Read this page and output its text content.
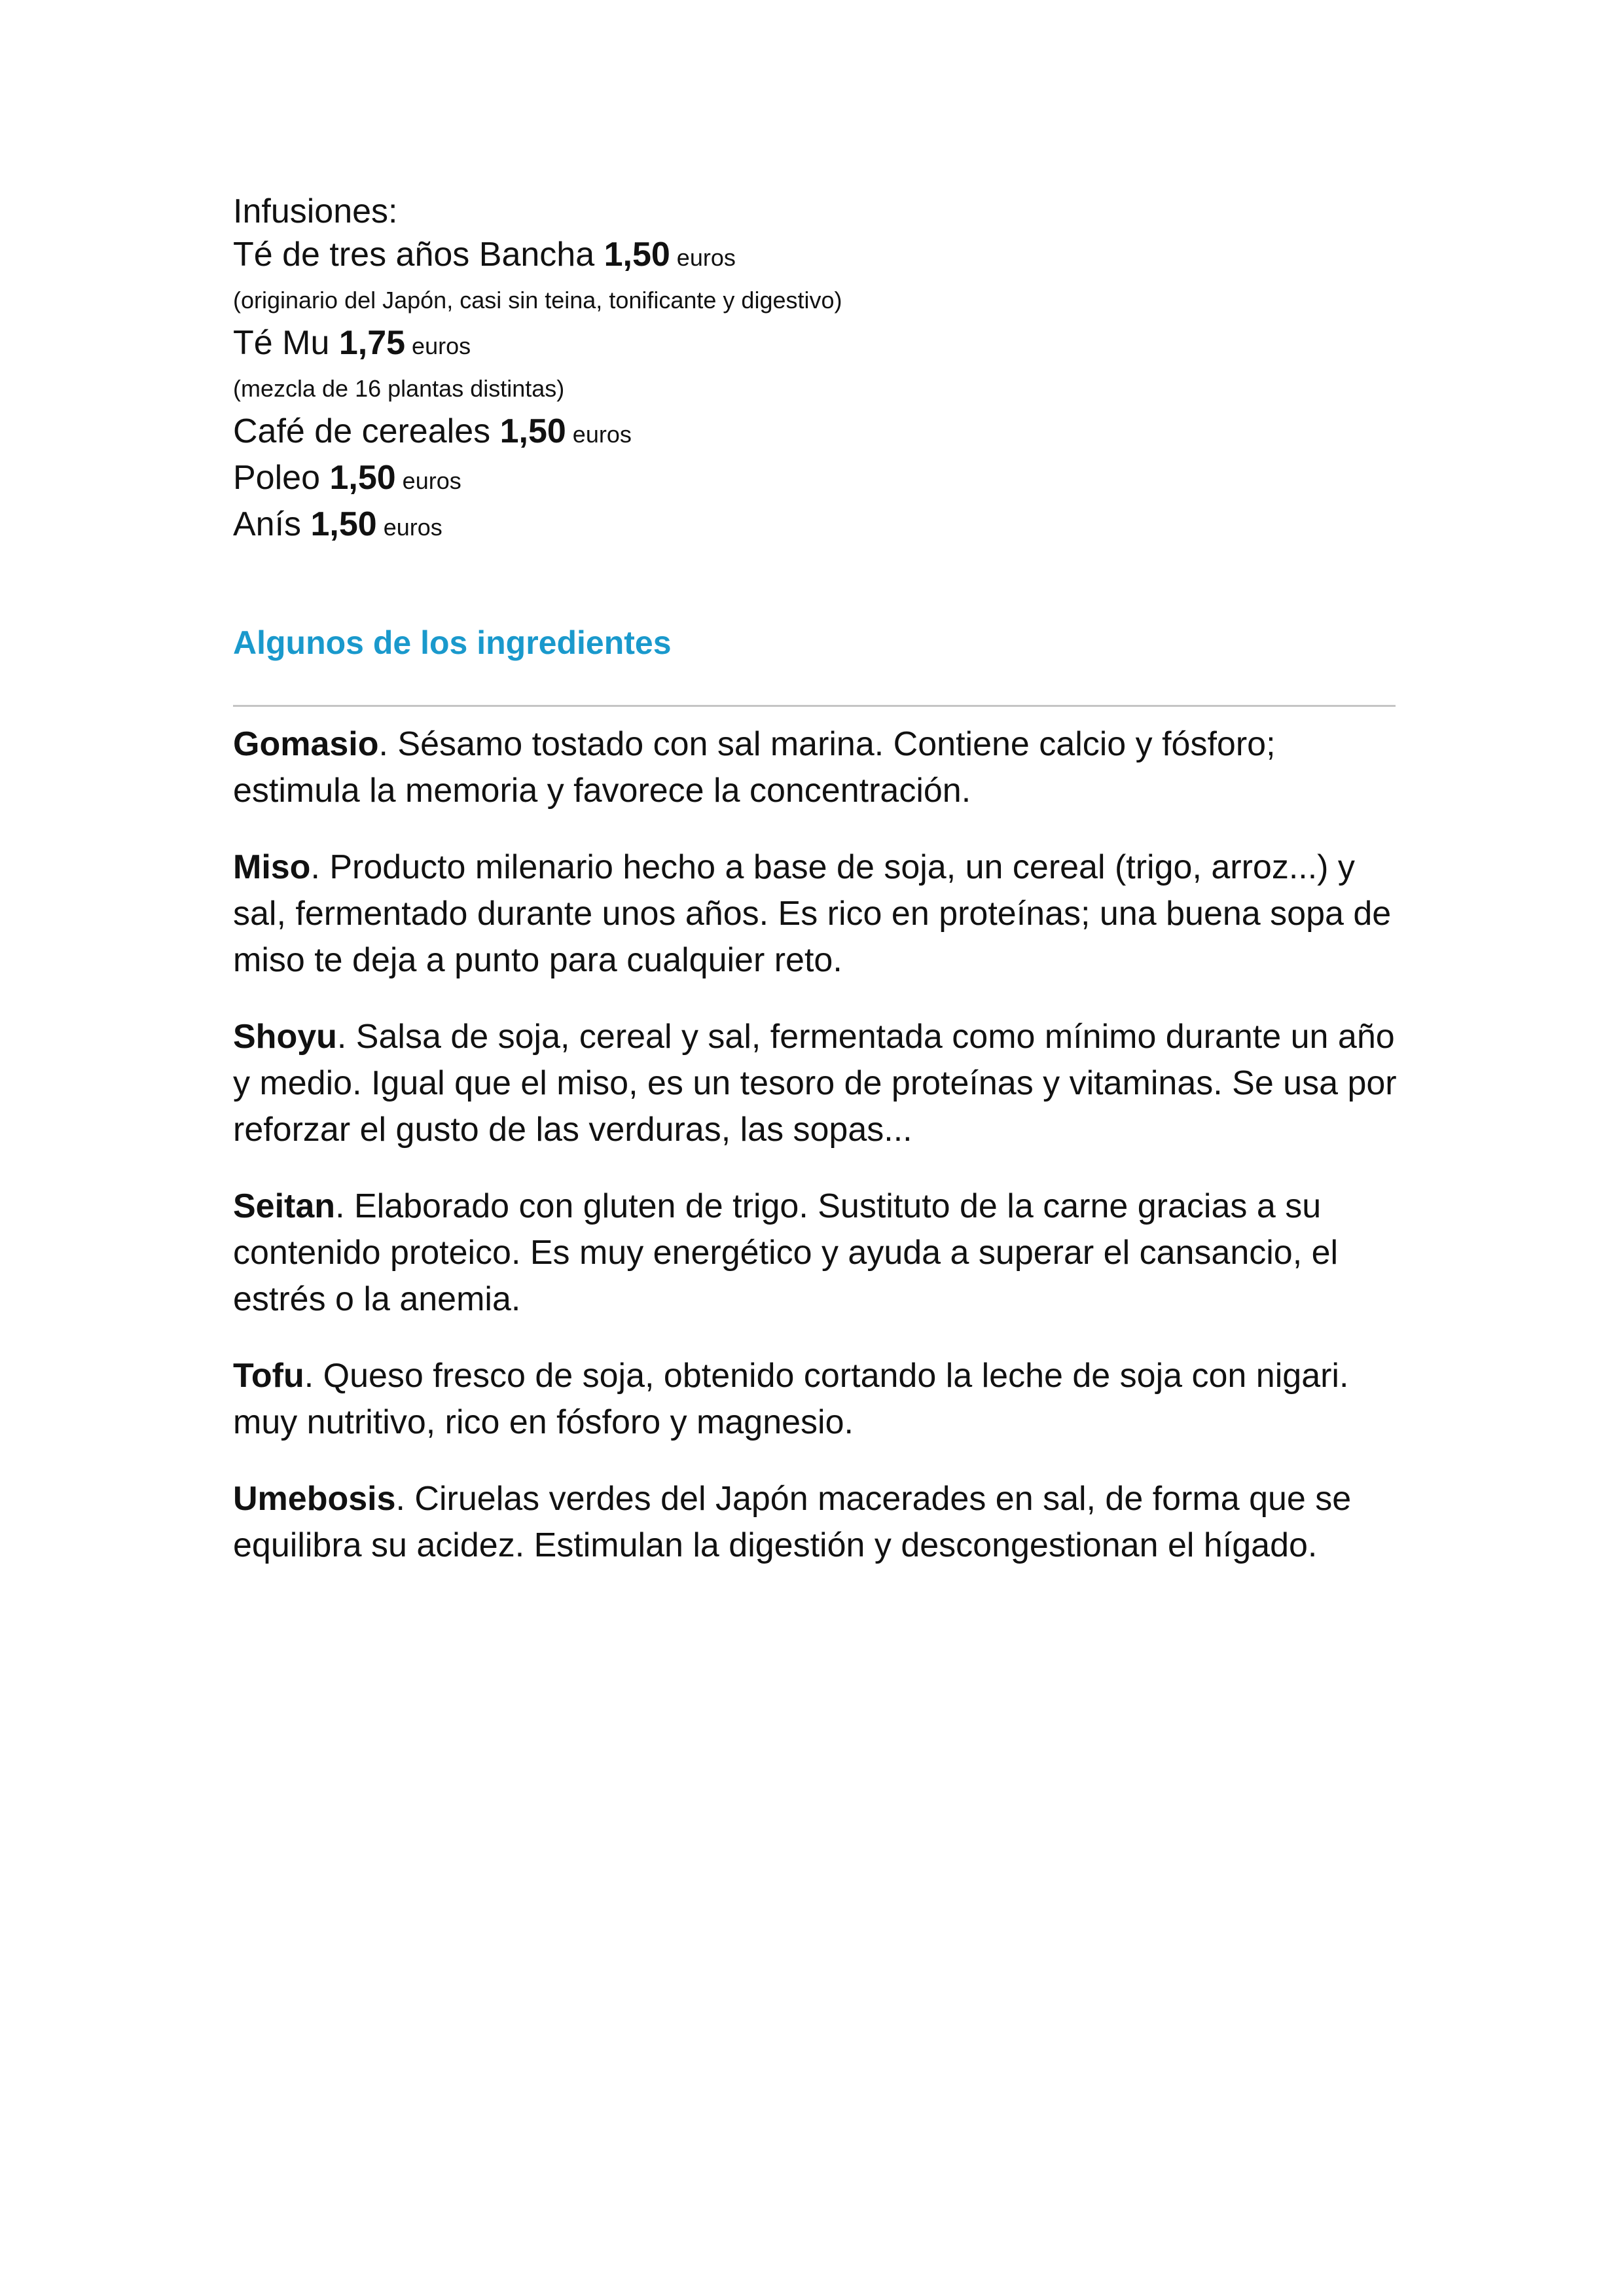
Infusiones:

Té de tres años Bancha 1,50 euros

(originario del Japón, casi sin teina, tonificante y digestivo)

Té Mu 1,75 euros

(mezcla de 16 plantas distintas)

Café de cereales 1,50 euros

Poleo 1,50 euros

Anís 1,50 euros

Algunos de los ingredientes

Gomasio. Sésamo tostado con sal marina. Contiene calcio y fósforo; estimula la memoria y favorece la concentración.

Miso. Producto milenario hecho a base de soja, un cereal (trigo, arroz...) y sal, fermentado durante unos años. Es rico en proteínas; una buena sopa de miso te deja a punto para cualquier reto.

Shoyu. Salsa de soja, cereal y sal, fermentada como mínimo durante un año y medio. Igual que el miso, es un tesoro de proteínas y vitaminas. Se usa por reforzar el gusto de las verduras, las sopas...

Seitan. Elaborado con gluten de trigo. Sustituto de la carne gracias a su contenido proteico. Es muy energético y ayuda a superar el cansancio, el estrés o la anemia.

Tofu. Queso fresco de soja, obtenido cortando la leche de soja con nigari. muy nutritivo, rico en fósforo y magnesio.

Umebosis. Ciruelas verdes del Japón macerades en sal, de forma que se equilibra su acidez. Estimulan la digestión y descongestionan el hígado.
